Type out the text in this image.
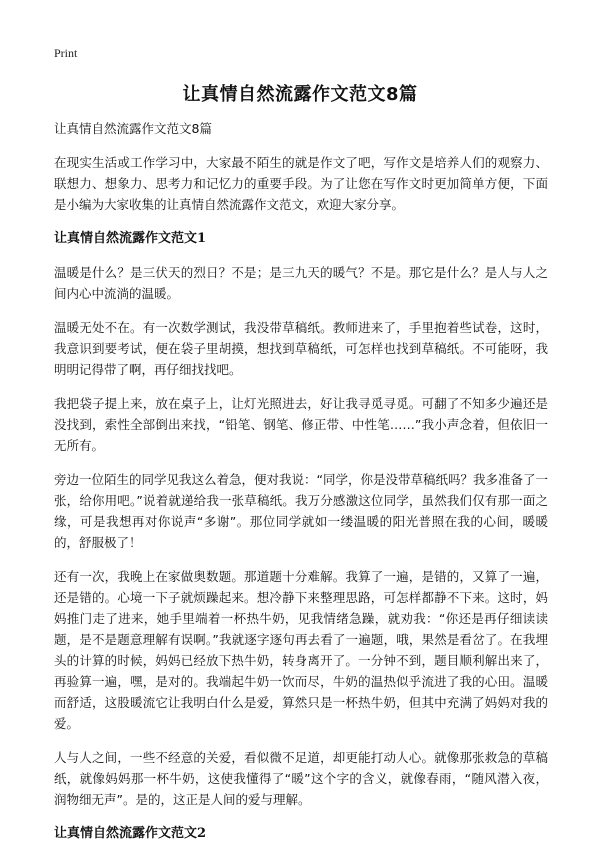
Print
让真情自然流露作文范文8篇

让真情自然流露作文范文8篇

在现实生活或工作学习中，大家最不陌生的就是作文了吧，写作文是培养人们的观察力、联想力、想象力、思考力和记忆力的重要手段。为了让您在写作文时更加简单方便，下面是小编为大家收集的让真情自然流露作文范文，欢迎大家分享。

让真情自然流露作文范文1

温暖是什么？是三伏天的烈日？不是；是三九天的暖气？不是。那它是什么？是人与人之间内心中流淌的温暖。

温暖无处不在。有一次数学测试，我没带草稿纸。教师进来了，手里抱着些试卷，这时，我意识到要考试，便在袋子里胡摸，想找到草稿纸，可怎样也找到草稿纸。不可能呀，我明明记得带了啊，再仔细找找吧。

我把袋子提上来，放在桌子上，让灯光照进去，好让我寻觅寻觅。可翻了不知多少遍还是没找到，索性全部倒出来找，“铅笔、钢笔、修正带、中性笔……”我小声念着，但依旧一无所有。

旁边一位陌生的同学见我这么着急，便对我说：“同学，你是没带草稿纸吗？我多准备了一张，给你用吧。”说着就递给我一张草稿纸。我万分感激这位同学，虽然我们仅有那一面之缘，可是我想再对你说声“多谢”。那位同学就如一缕温暖的阳光普照在我的心间，暖暖的，舒服极了！

还有一次，我晚上在家做奥数题。那道题十分难解。我算了一遍，是错的，又算了一遍，还是错的。心境一下子就烦躁起来。想冷静下来整理思路，可怎样都静不下来。这时，妈妈推门走了进来，她手里端着一杯热牛奶，见我情绪急躁，就劝我：“你还是再仔细读读题，是不是题意理解有误啊。”我就逐字逐句再去看了一遍题，哦，果然是看岔了。在我埋头的计算的时候，妈妈已经放下热牛奶，转身离开了。一分钟不到，题目顺利解出来了，再验算一遍，嘿，是对的。我端起牛奶一饮而尽，牛奶的温热似乎流进了我的心田。温暖而舒适，这股暖流它让我明白什么是爱，算然只是一杯热牛奶，但其中充满了妈妈对我的爱。

人与人之间，一些不经意的关爱，看似微不足道，却更能打动人心。就像那张救急的草稿纸，就像妈妈那一杯牛奶，这使我懂得了“暖”这个字的含义，就像春雨，“随风潜入夜，润物细无声”。是的，这正是人间的爱与理解。

让真情自然流露作文范文2
